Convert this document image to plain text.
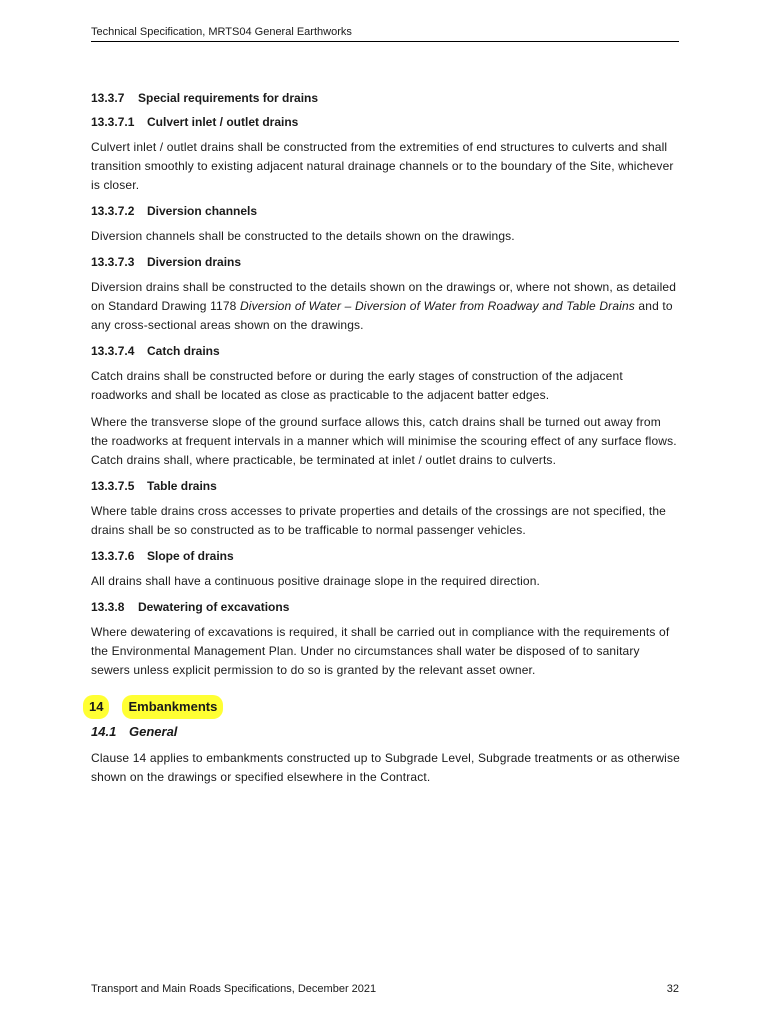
Technical Specification, MRTS04 General Earthworks
13.3.7 Special requirements for drains
13.3.7.1 Culvert inlet / outlet drains

Culvert inlet / outlet drains shall be constructed from the extremities of end structures to culverts and shall transition smoothly to existing adjacent natural drainage channels or to the boundary of the Site, whichever is closer.

13.3.7.2 Diversion channels

Diversion channels shall be constructed to the details shown on the drawings.

13.3.7.3 Diversion drains

Diversion drains shall be constructed to the details shown on the drawings or, where not shown, as detailed on Standard Drawing 1178 Diversion of Water – Diversion of Water from Roadway and Table Drains and to any cross-sectional areas shown on the drawings.

13.3.7.4 Catch drains

Catch drains shall be constructed before or during the early stages of construction of the adjacent roadworks and shall be located as close as practicable to the adjacent batter edges.

Where the transverse slope of the ground surface allows this, catch drains shall be turned out away from the roadworks at frequent intervals in a manner which will minimise the scouring effect of any surface flows. Catch drains shall, where practicable, be terminated at inlet / outlet drains to culverts.

13.3.7.5 Table drains

Where table drains cross accesses to private properties and details of the crossings are not specified, the drains shall be so constructed as to be trafficable to normal passenger vehicles.

13.3.7.6 Slope of drains

All drains shall have a continuous positive drainage slope in the required direction.

13.3.8 Dewatering of excavations

Where dewatering of excavations is required, it shall be carried out in compliance with the requirements of the Environmental Management Plan. Under no circumstances shall water be disposed of to sanitary sewers unless explicit permission to do so is granted by the relevant asset owner.

14 Embankments
14.1 General

Clause 14 applies to embankments constructed up to Subgrade Level, Subgrade treatments or as otherwise shown on the drawings or specified elsewhere in the Contract.

Transport and Main Roads Specifications, December 2021	32
